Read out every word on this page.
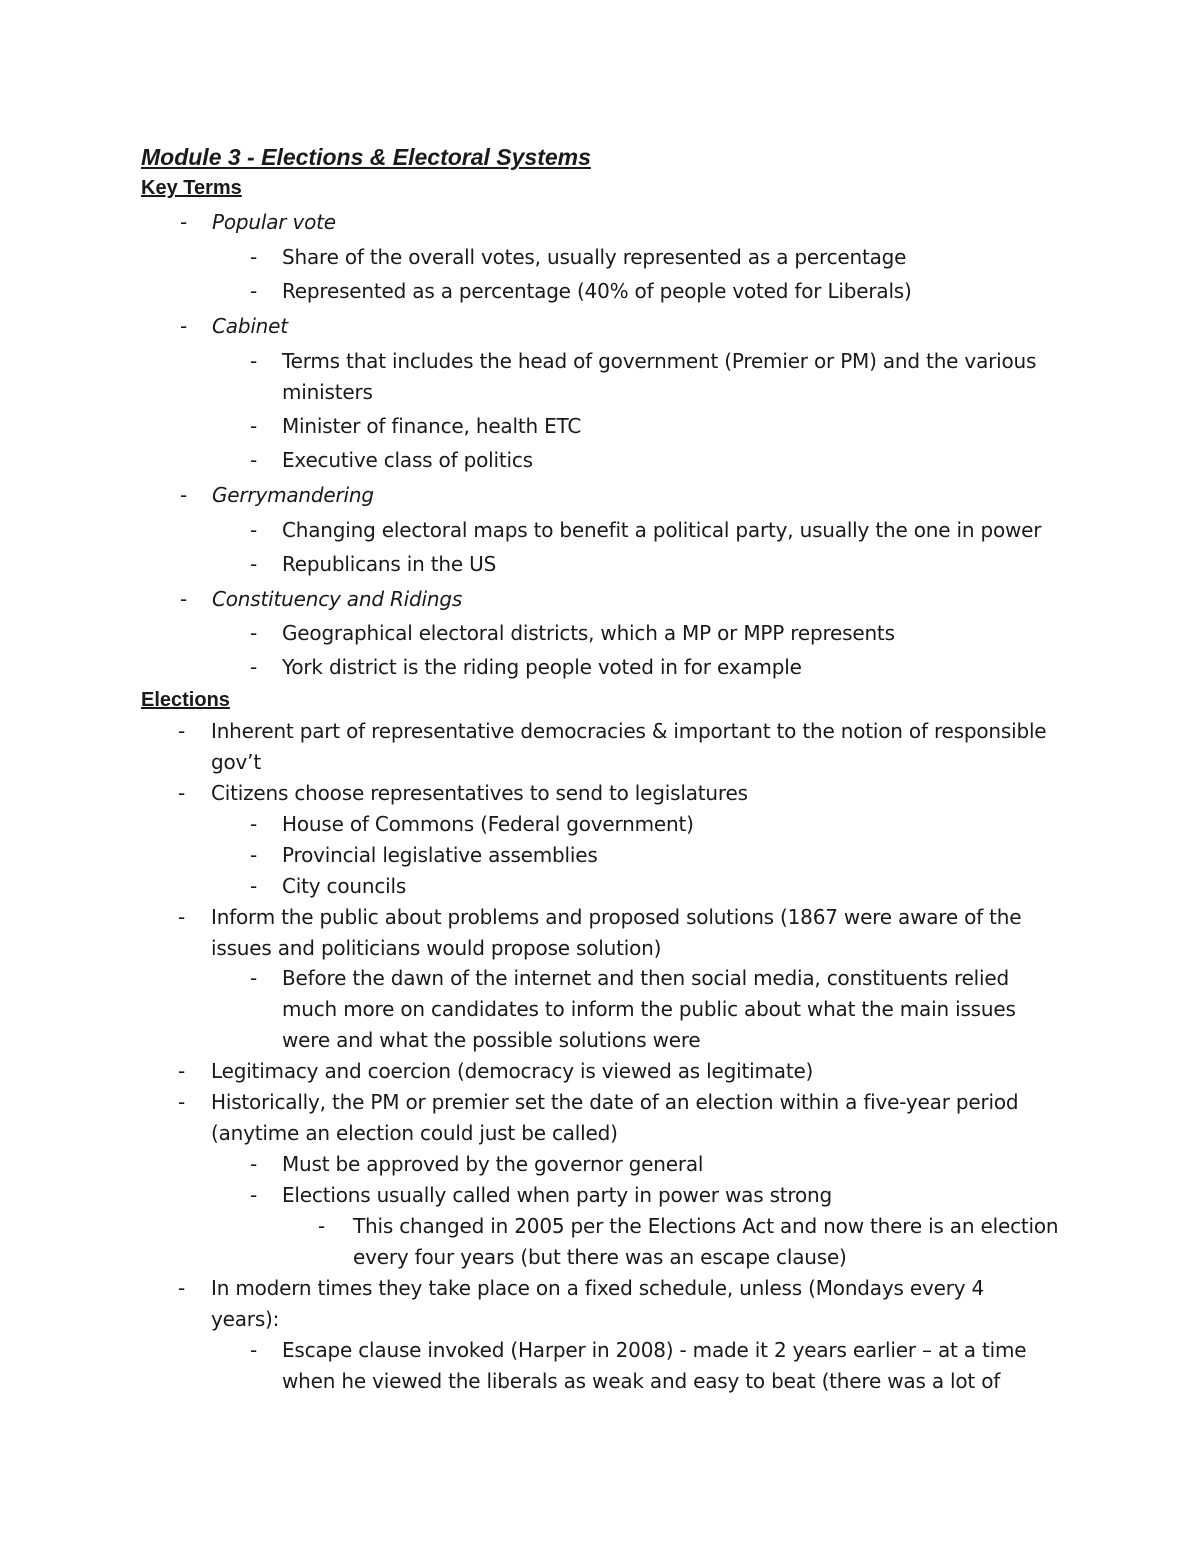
Module 3 - Elections & Electoral Systems
Key Terms
- Popular vote
- Share of the overall votes, usually represented as a percentage
- Represented as a percentage (40% of people voted for Liberals)
- Cabinet
- Terms that includes the head of government (Premier or PM) and the various ministers
- Minister of finance, health ETC
- Executive class of politics
- Gerrymandering
- Changing electoral maps to benefit a political party, usually the one in power
- Republicans in the US
- Constituency and Ridings
- Geographical electoral districts, which a MP or MPP represents
- York district is the riding people voted in for example
Elections
- Inherent part of representative democracies & important to the notion of responsible gov’t
- Citizens choose representatives to send to legislatures
- House of Commons (Federal government)
- Provincial legislative assemblies
- City councils
- Inform the public about problems and proposed solutions (1867 were aware of the issues and politicians would propose solution)
- Before the dawn of the internet and then social media, constituents relied much more on candidates to inform the public about what the main issues were and what the possible solutions were
- Legitimacy and coercion (democracy is viewed as legitimate)
- Historically, the PM or premier set the date of an election within a five-year period (anytime an election could just be called)
- Must be approved by the governor general
- Elections usually called when party in power was strong
- This changed in 2005 per the Elections Act and now there is an election every four years (but there was an escape clause)
- In modern times they take place on a fixed schedule, unless (Mondays every 4 years):
- Escape clause invoked (Harper in 2008) - made it 2 years earlier – at a time when he viewed the liberals as weak and easy to beat (there was a lot of
